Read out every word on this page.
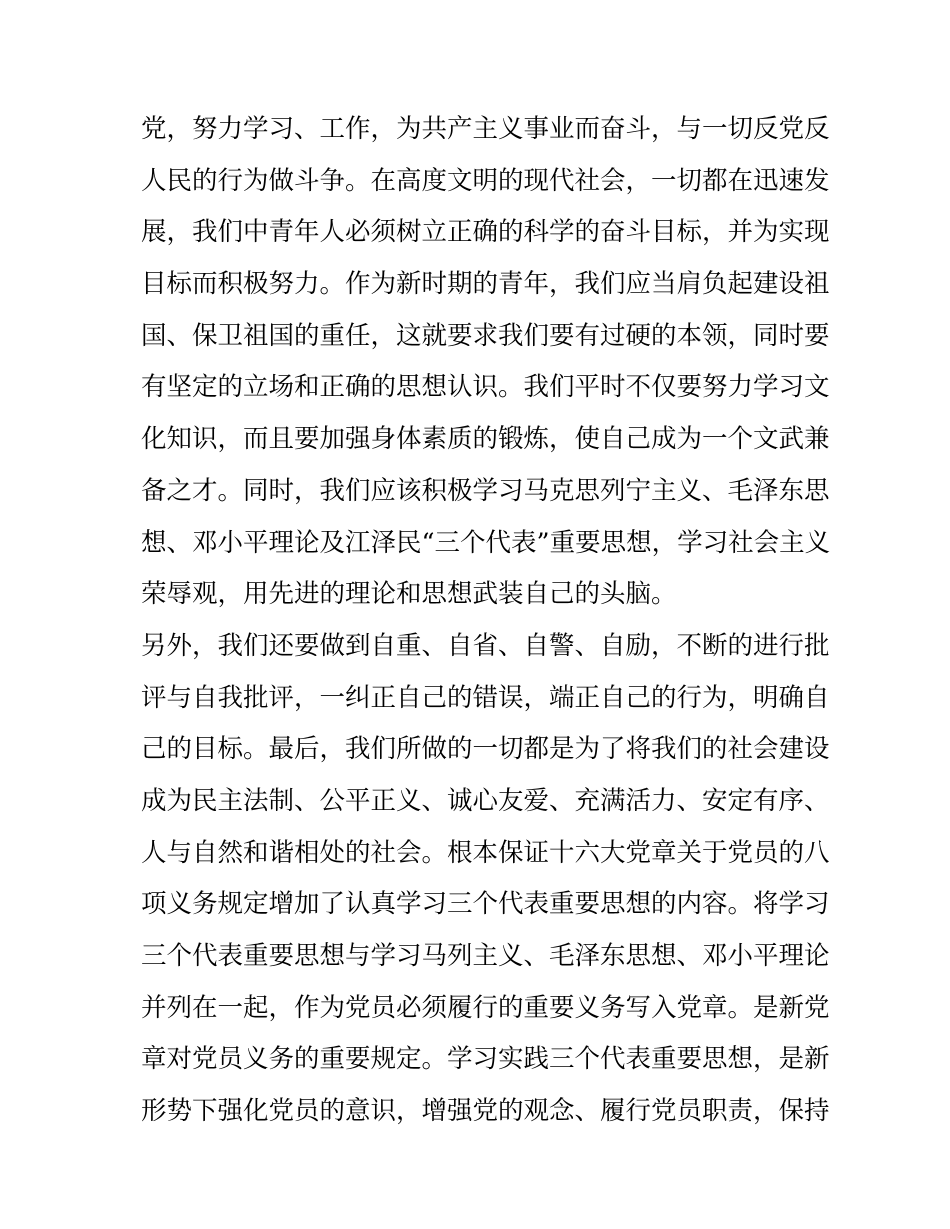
党，努力学习、工作，为共产主义事业而奋斗，与一切反党反
人民的行为做斗争。在高度文明的现代社会，一切都在迅速发
展，我们中青年人必须树立正确的科学的奋斗目标，并为实现
目标而积极努力。作为新时期的青年，我们应当肩负起建设祖
国、保卫祖国的重任，这就要求我们要有过硬的本领，同时要
有坚定的立场和正确的思想认识。我们平时不仅要努力学习文
化知识，而且要加强身体素质的锻炼，使自己成为一个文武兼
备之才。同时，我们应该积极学习马克思列宁主义、毛泽东思
想、邓小平理论及江泽民“三个代表”重要思想，学习社会主义
荣辱观，用先进的理论和思想武装自己的头脑。
另外，我们还要做到自重、自省、自警、自励，不断的进行批
评与自我批评，一纠正自己的错误，端正自己的行为，明确自
己的目标。最后，我们所做的一切都是为了将我们的社会建设
成为民主法制、公平正义、诚心友爱、充满活力、安定有序、
人与自然和谐相处的社会。根本保证十六大党章关于党员的八
项义务规定增加了认真学习三个代表重要思想的内容。将学习
三个代表重要思想与学习马列主义、毛泽东思想、邓小平理论
并列在一起，作为党员必须履行的重要义务写入党章。是新党
章对党员义务的重要规定。学习实践三个代表重要思想，是新
形势下强化党员的意识，增强党的观念、履行党员职责，保持
